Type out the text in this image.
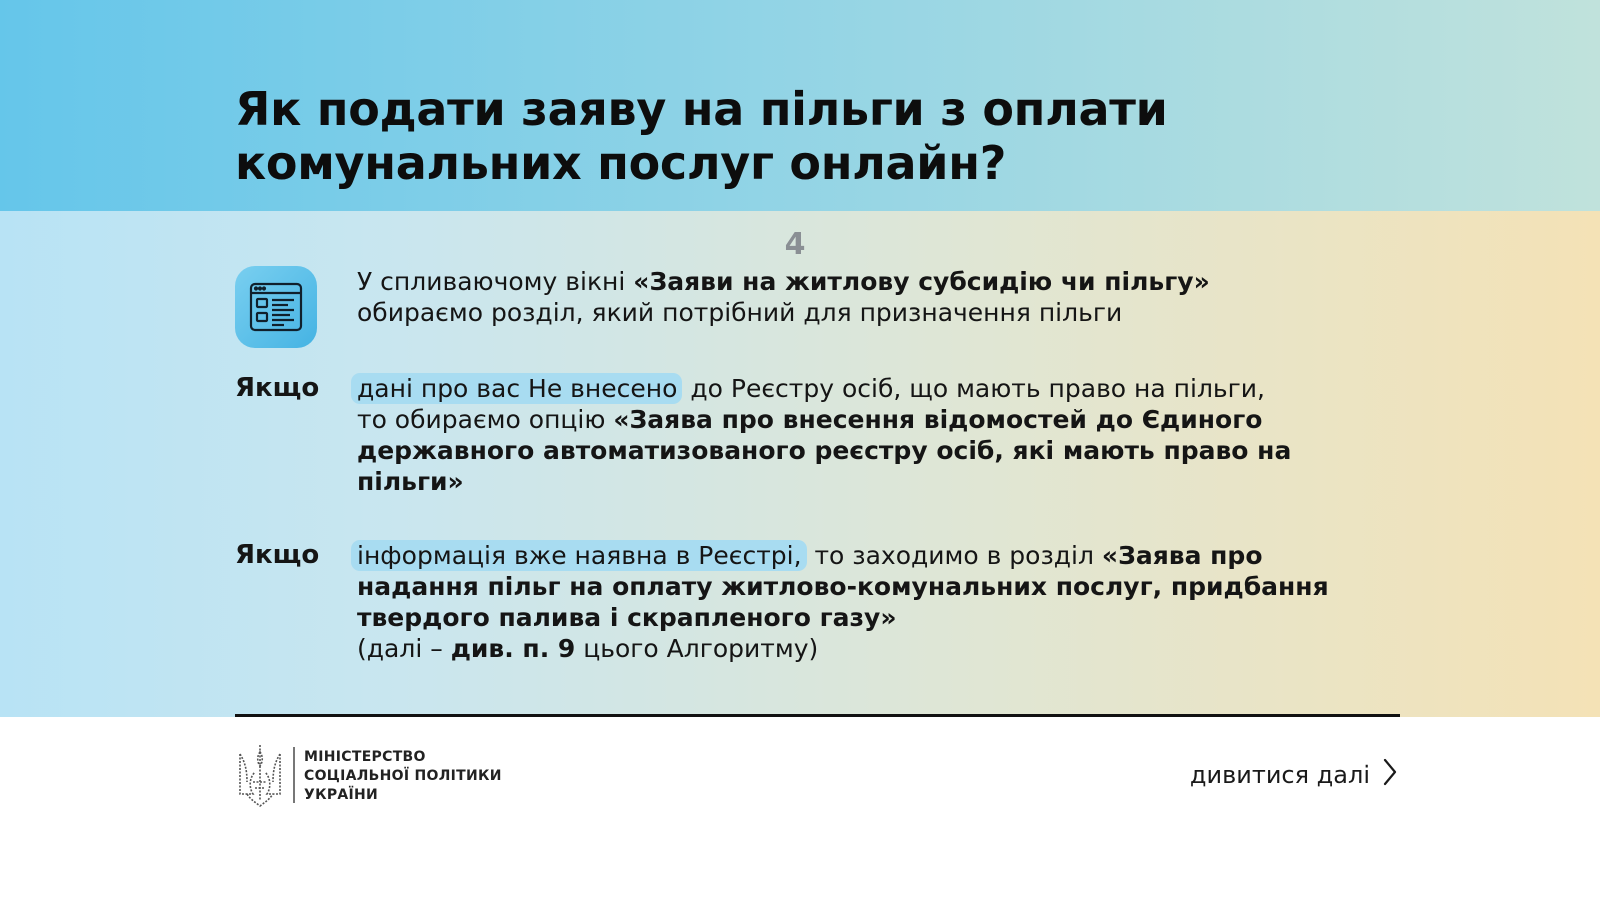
Як подати заяву на пільги з оплати
комунальних послуг онлайн?
4
У спливаючому вікні «Заяви на житлову субсидію чи пільгу»
обираємо розділ, який потрібний для призначення пільги
Якщо дані про вас Не внесено до Реєстру осіб, що мають право на пільги,
то обираємо опцію «Заява про внесення відомостей до Єдиного
державного автоматизованого реєстру осіб, які мають право на
пільги»
Якщо інформація вже наявна в Реєстрі, то заходимо в розділ «Заява про
надання пільг на оплату житлово-комунальних послуг, придбання
твердого палива і скрапленого газу»
(далі – див. п. 9 цього Алгоритму)
МІНІСТЕРСТВО
СОЦІАЛЬНОЇ ПОЛІТИКИ
УКРАЇНИ
дивитися далі
